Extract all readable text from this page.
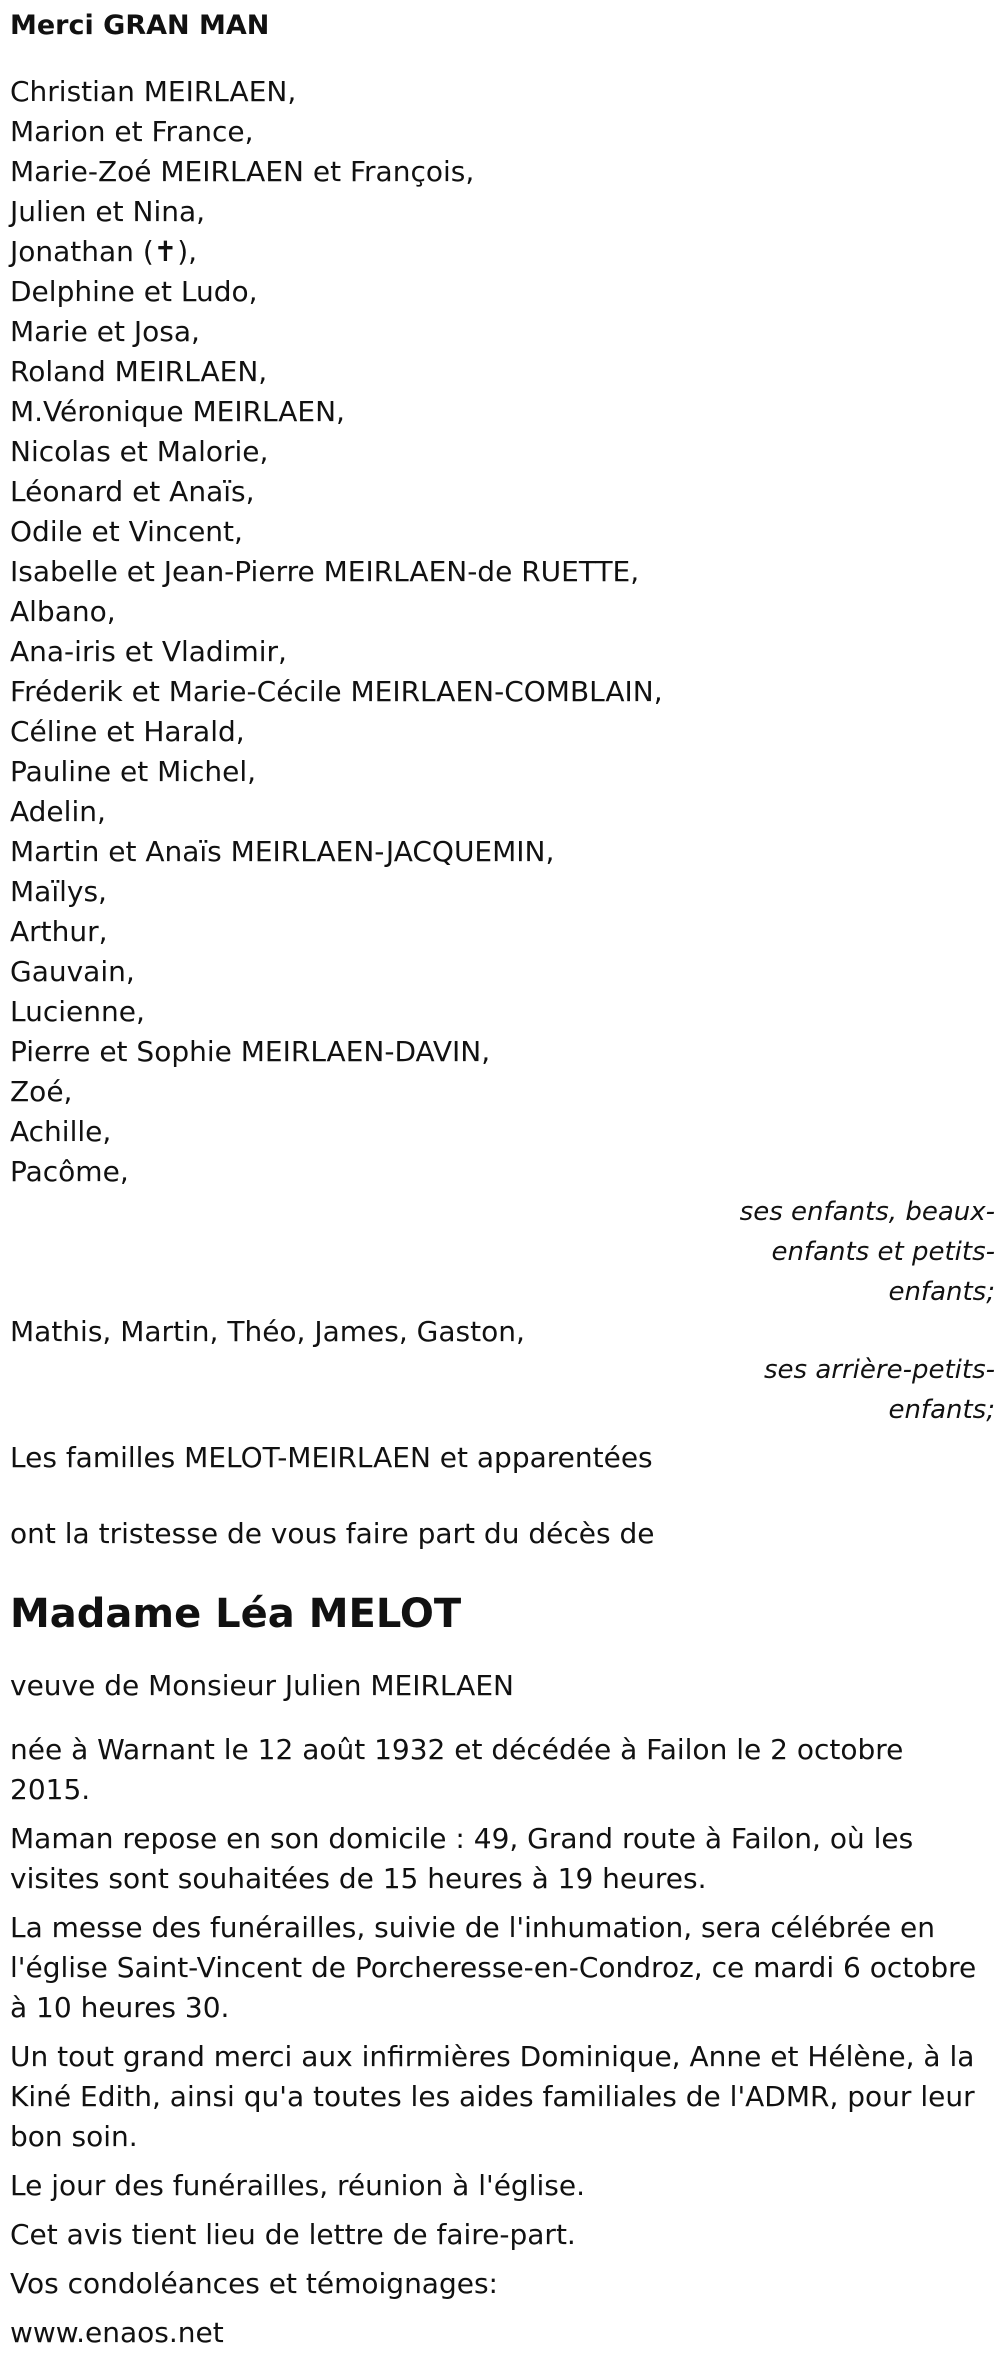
Merci GRAN MAN
Christian MEIRLAEN,
Marion et France,
Marie-Zoé MEIRLAEN et François,
Julien et Nina,
Jonathan (✝),
Delphine et Ludo,
Marie et Josa,
Roland MEIRLAEN,
M.Véronique MEIRLAEN,
Nicolas et Malorie,
Léonard et Anaïs,
Odile et Vincent,
Isabelle et Jean-Pierre MEIRLAEN-de RUETTE,
Albano,
Ana-iris et Vladimir,
Fréderik et Marie-Cécile MEIRLAEN-COMBLAIN,
Céline et Harald,
Pauline et Michel,
Adelin,
Martin et Anaïs MEIRLAEN-JACQUEMIN,
Maïlys,
Arthur,
Gauvain,
Lucienne,
Pierre et Sophie MEIRLAEN-DAVIN,
Zoé,
Achille,
Pacôme,
ses enfants, beaux-enfants et petits-enfants;
Mathis, Martin, Théo, James, Gaston,
ses arrière-petits-enfants;
Les familles MELOT-MEIRLAEN et apparentées
ont la tristesse de vous faire part du décès de
Madame Léa MELOT
veuve de Monsieur Julien MEIRLAEN
née à Warnant le 12 août 1932 et décédée à Failon le 2 octobre 2015.
Maman repose en son domicile : 49, Grand route à Failon, où les visites sont souhaitées de 15 heures à 19 heures.
La messe des funérailles, suivie de l'inhumation, sera célébrée en l'église Saint-Vincent de Porcheresse-en-Condroz, ce mardi 6 octobre à 10 heures 30.
Un tout grand merci aux infirmières Dominique, Anne et Hélène, à la Kiné Edith, ainsi qu'a toutes les aides familiales de l'ADMR, pour leur bon soin.
Le jour des funérailles, réunion à l'église.
Cet avis tient lieu de lettre de faire-part.
Vos condoléances et témoignages:
www.enaos.net
